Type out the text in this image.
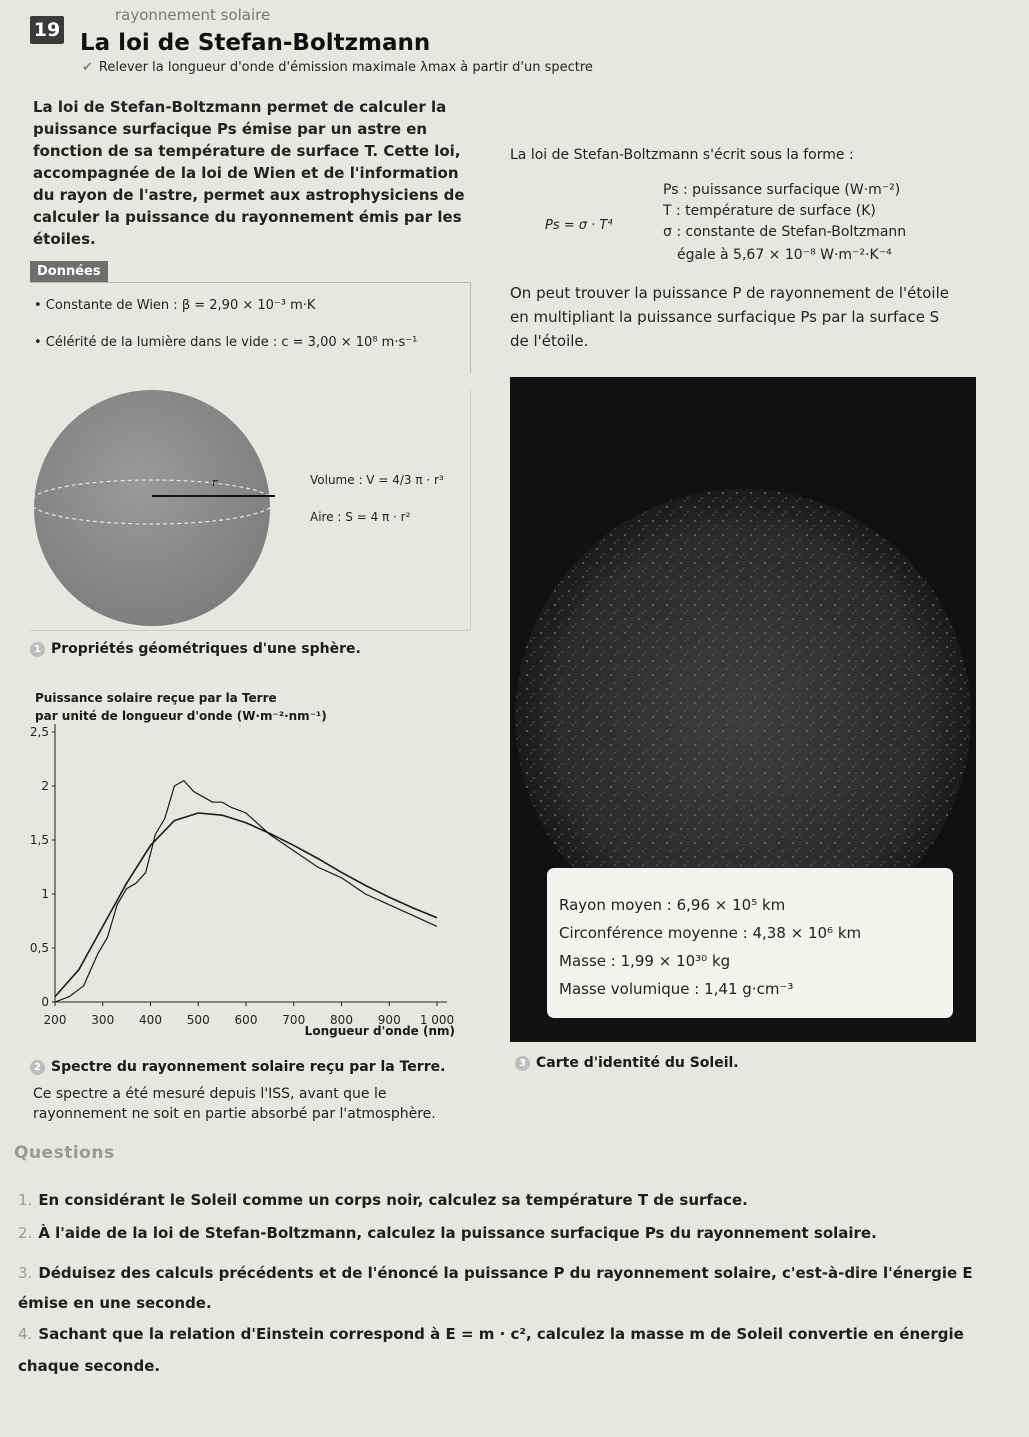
rayonnement solaire
19 La loi de Stefan-Boltzmann
✔ Relever la longueur d'onde d'émission maximale λmax à partir d'un spectre
La loi de Stefan-Boltzmann permet de calculer la puissance surfacique Ps émise par un astre en fonction de sa température de surface T. Cette loi, accompagnée de la loi de Wien et de l'information du rayon de l'astre, permet aux astrophysiciens de calculer la puissance du rayonnement émis par les étoiles.
Données
• Constante de Wien : β = 2,90 × 10⁻³ m·K
• Célérité de la lumière dans le vide : c = 3,00 × 10⁸ m·s⁻¹
La loi de Stefan-Boltzmann s'écrit sous la forme :
Ps = σ · T⁴
Ps : puissance surfacique (W·m⁻²)
T : température de surface (K)
σ : constante de Stefan-Boltzmann
égale à 5,67 × 10⁻⁸ W·m⁻²·K⁻⁴
On peut trouver la puissance P de rayonnement de l'étoile
en multipliant la puissance surfacique Ps par la surface S
de l'étoile.
r	Volume : V = 4/3 π · r³
Aire : S = 4 π · r²
1 Propriétés géométriques d'une sphère.
Puissance solaire reçue par la Terre
par unité de longueur d'onde (W·m⁻²·nm⁻¹)
Longueur d'onde (nm)
200 300 400 500 600 700 800 900 1 000
0
0,5
1
1,5
2
2,5
2 Spectre du rayonnement solaire reçu par la Terre.
Ce spectre a été mesuré depuis l'ISS, avant que le rayonnement ne soit en partie absorbé par l'atmosphère.
Rayon moyen : 6,96 × 10⁵ km
Circonférence moyenne : 4,38 × 10⁶ km
Masse : 1,99 × 10³⁰ kg
Masse volumique : 1,41 g·cm⁻³
3 Carte d'identité du Soleil.
Questions
1. En considérant le Soleil comme un corps noir, calculez sa température T de surface.
2. À l'aide de la loi de Stefan-Boltzmann, calculez la puissance surfacique Ps du rayonnement solaire.
3. Déduisez des calculs précédents et de l'énoncé la puissance P du rayonnement solaire, c'est-à-dire l'énergie E émise en une seconde.
4. Sachant que la relation d'Einstein correspond à E = m · c², calculez la masse m de Soleil convertie en énergie chaque seconde.
